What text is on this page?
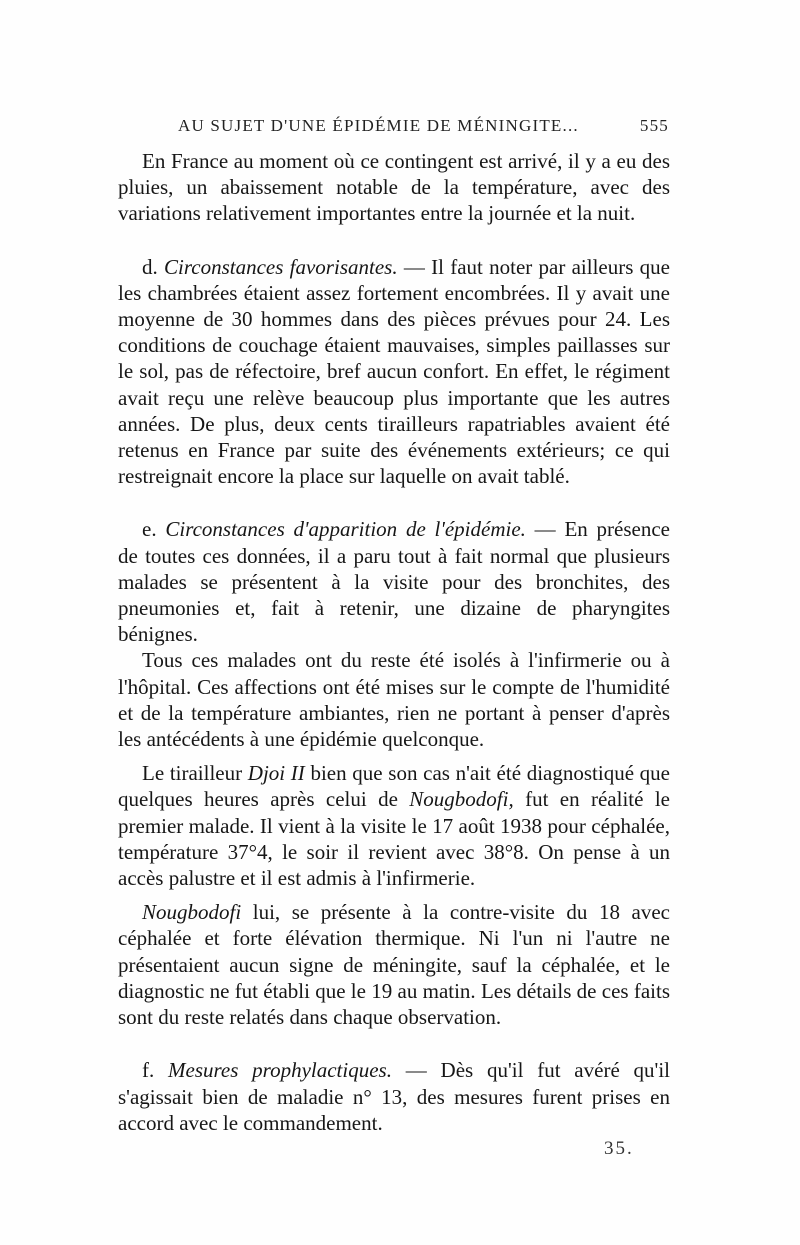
AU SUJET D'UNE ÉPIDÉMIE DE MÉNINGITE...	555

En France au moment où ce contingent est arrivé, il y a eu des pluies, un abaissement notable de la température, avec des variations relativement importantes entre la journée et la nuit.

d. Circonstances favorisantes. — Il faut noter par ailleurs que les chambrées étaient assez fortement encombrées. Il y avait une moyenne de 30 hommes dans des pièces prévues pour 24. Les conditions de couchage étaient mauvaises, simples paillasses sur le sol, pas de réfectoire, bref aucun confort. En effet, le régiment avait reçu une relève beaucoup plus importante que les autres années. De plus, deux cents tirailleurs rapatriables avaient été retenus en France par suite des événements extérieurs; ce qui restreignait encore la place sur laquelle on avait tablé.

e. Circonstances d'apparition de l'épidémie. — En présence de toutes ces données, il a paru tout à fait normal que plusieurs malades se présentent à la visite pour des bronchites, des pneumonies et, fait à retenir, une dizaine de pharyngites bénignes.

Tous ces malades ont du reste été isolés à l'infirmerie ou à l'hôpital. Ces affections ont été mises sur le compte de l'humidité et de la température ambiantes, rien ne portant à penser d'après les antécédents à une épidémie quelconque.

Le tirailleur Djoi II bien que son cas n'ait été diagnostiqué que quelques heures après celui de Nougbodofi, fut en réalité le premier malade. Il vient à la visite le 17 août 1938 pour céphalée, température 37°4, le soir il revient avec 38°8. On pense à un accès palustre et il est admis à l'infirmerie.

Nougbodofi lui, se présente à la contre-visite du 18 avec céphalée et forte élévation thermique. Ni l'un ni l'autre ne présentaient aucun signe de méningite, sauf la céphalée, et le diagnostic ne fut établi que le 19 au matin. Les détails de ces faits sont du reste relatés dans chaque observation.

f. Mesures prophylactiques. — Dès qu'il fut avéré qu'il s'agissait bien de maladie n° 13, des mesures furent prises en accord avec le commandement.

35.
